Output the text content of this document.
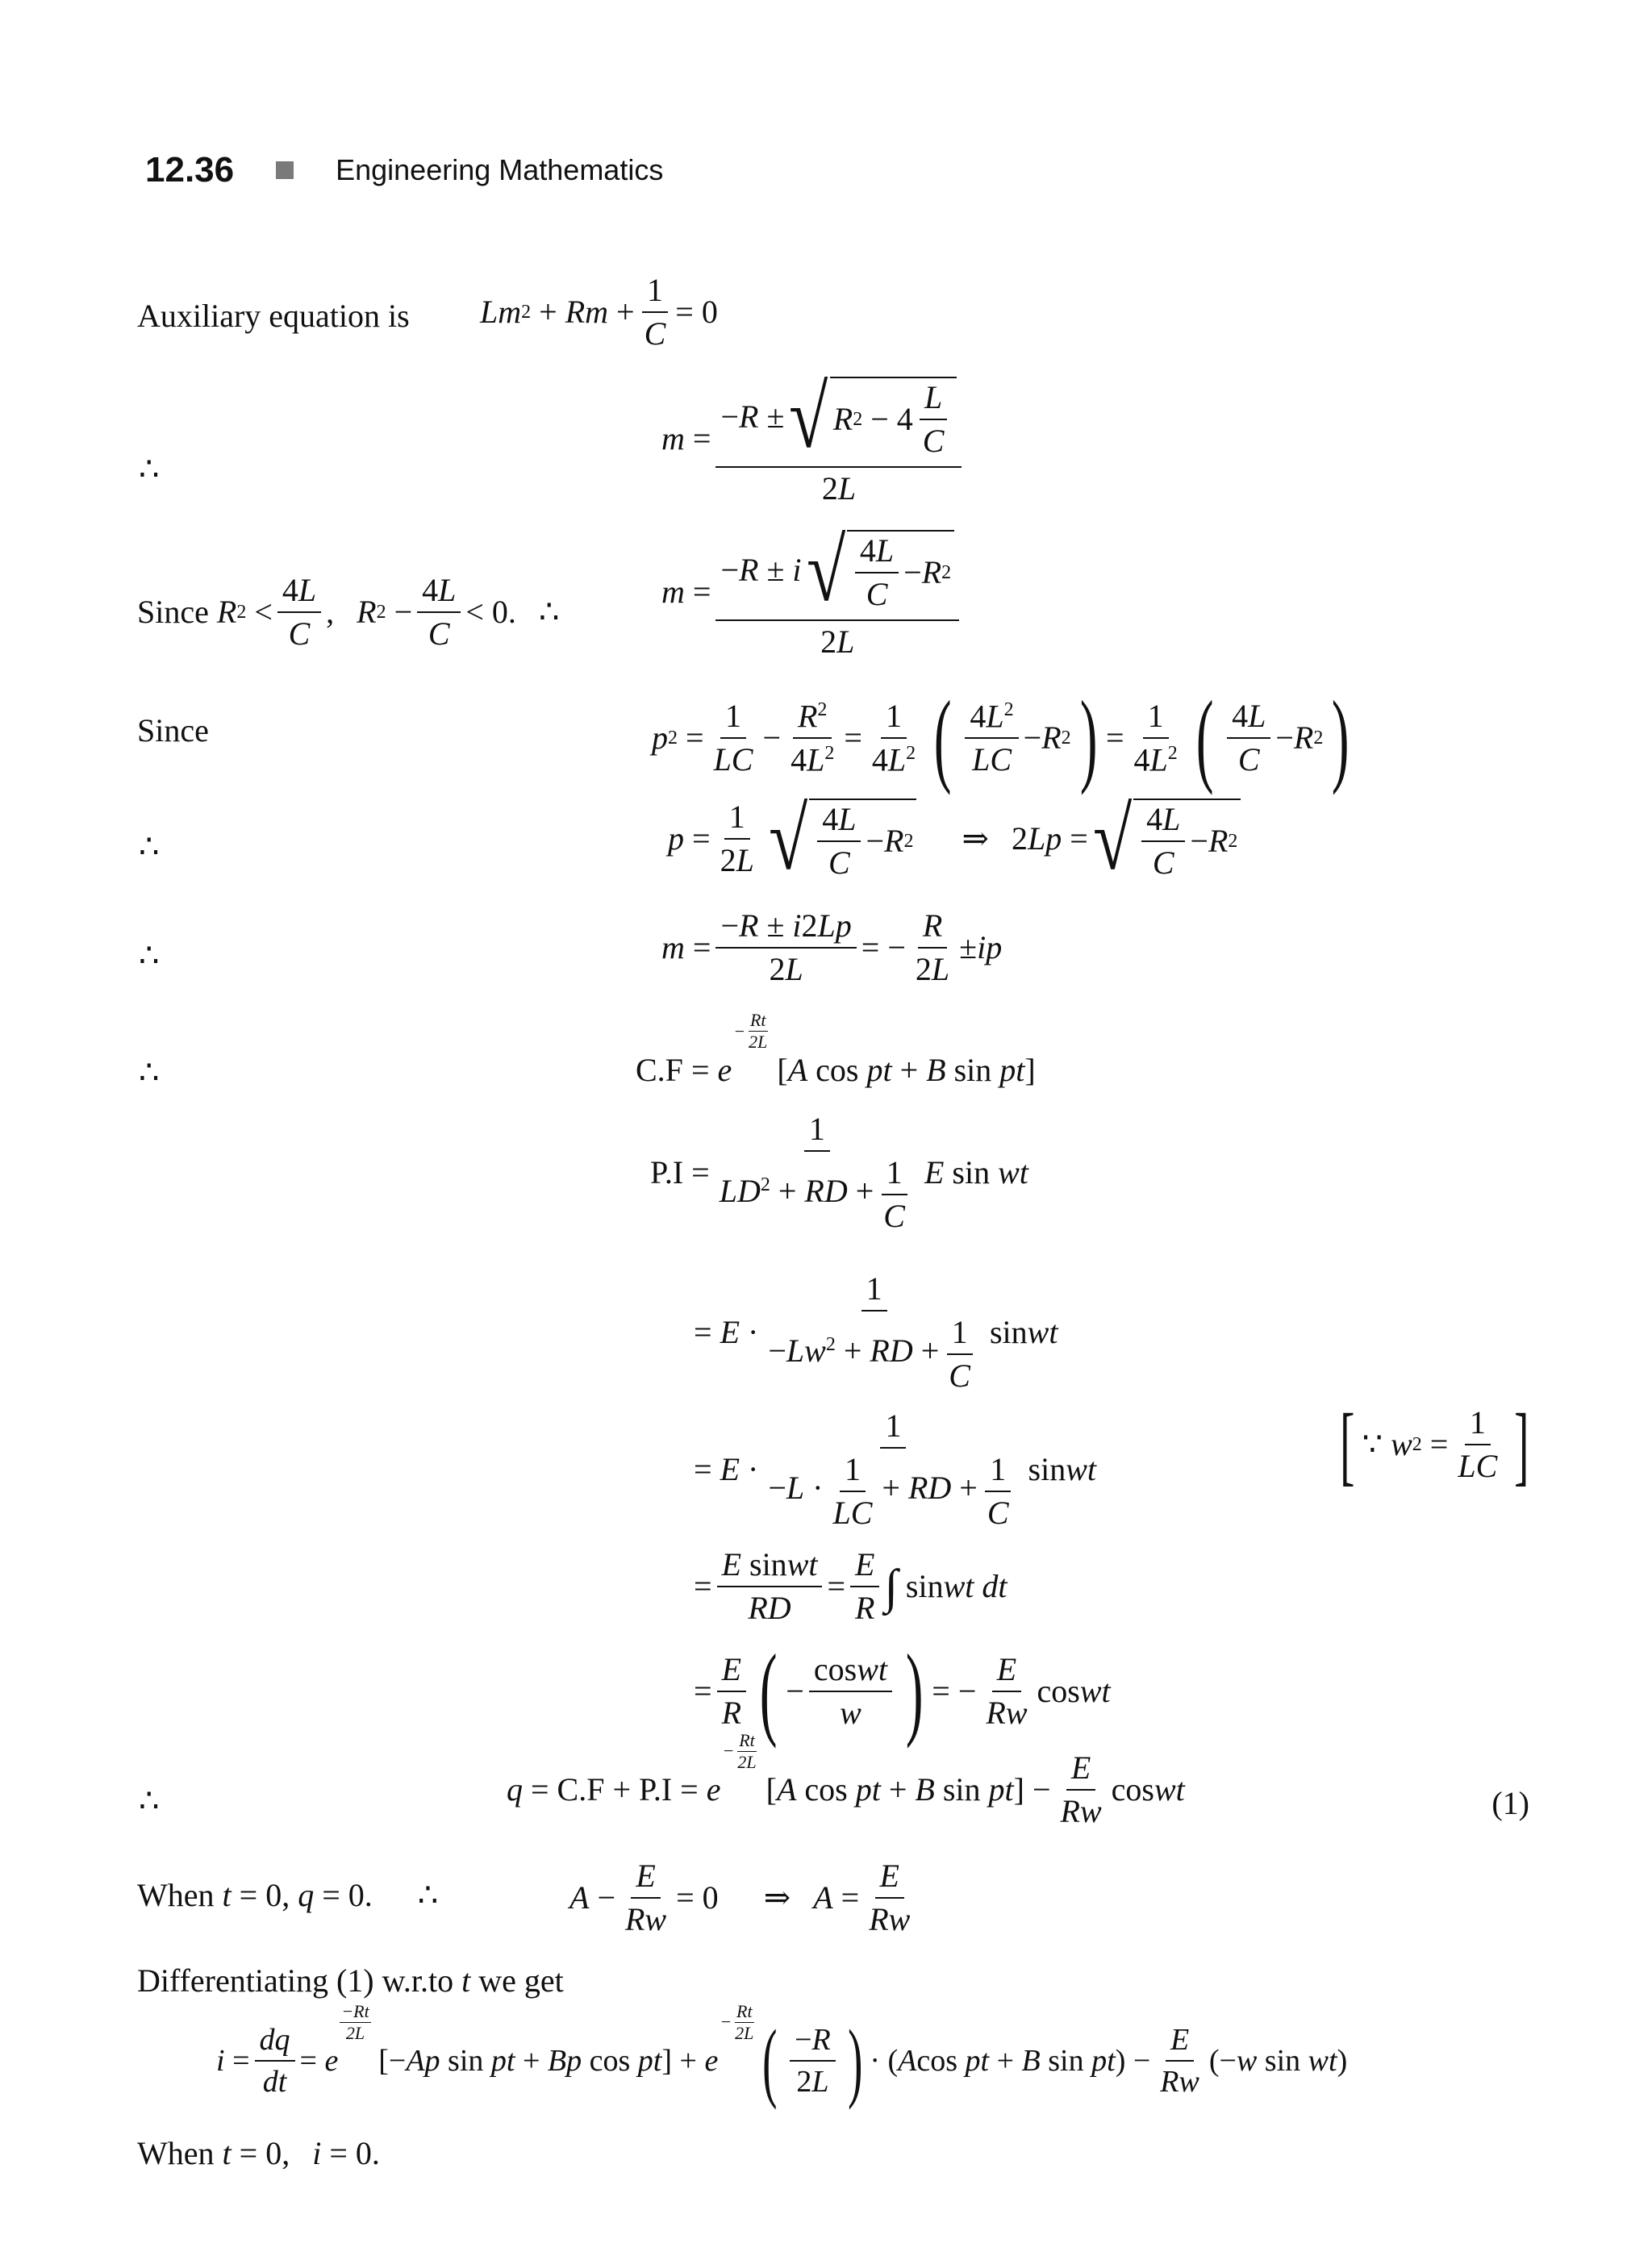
12.36	Engineering Mathematics
Auxiliary equation is Lm $2 + Rm + \frac{1}{C} = 0$
∴
$m = \frac{- R \pm √ R 2 - 4 \frac{L}{C}}{2L}$
Since
R $2 < \frac{4L}{C}$ , R $2 - \frac{4L}{C} < 0$. ∴
$m = \frac{- R \pm i √ \frac{4L}{C} - R 2}{2L}$
Since	p $2 = \frac{1}{LC} - \frac{R^2}{4L^2} = \frac{1}{4L^2}$ ( $\frac{4L^2}{LC} - R$ 2 ) = $\frac{1}{4L^2}$ ( $\frac{4L}{C} - R$ 2 )
∴	$p = \frac{1}{2L}$ √ $\frac{4L}{C} - R$ 2 ⇒ 2 Lp = √ $\frac{4L}{C} - R$ 2
∴	$m = \frac{-R \pm i2Lp}{2L}$ = − $\frac{R}{2L}$ ± ip
∴	C.F = e
− $\frac{Rt}{2L}$
[ A cos pt + B sin pt ]
$P.I = \frac{1}{LD^2 + RD + \frac{1}{C}}$ E sin wt
= $E \cdot \frac{1}{-Lw^2 + RD + \frac{1}{C}}$ sin wt
= $E \cdot \frac{1}{-L \cdot \frac{1}{LC} + RD + \frac{1}{C}}$ sin wt	[ ∵ w $2 = \frac{1}{LC}$ ]
= $\frac{\text{E sinwt}}{RD} = \frac{E}{R}$ ∫ sin wt
dt
= $\frac{E}{R}$ ( − $\frac{\text{coswt}}{w}$ ) = − $\frac{E}{Rw}$ cos wt
∴	q = C.F + P.I = e
− $\frac{Rt}{2L}$
[ A cos pt + B sin pt ] − $\frac{E}{Rw}$ cos wt	(1)
When
t = 0, q = 0. ∴	$A - \frac{E}{Rw} = 0$ ⇒ $A = \frac{E}{Rw}$
Differentiating (1) w.r.to t we get
$i = \frac{dq}{dt} = e$
$\frac{-Rt}{2L}$
[− Ap sin pt + Bp cos pt ] + e
− $\frac{Rt}{2L}$ ( $\frac{-R}{2L}$ ) · ( A cos pt + B sin pt ) − $\frac{E}{Rw}$ (− w sin wt )
When
t = 0, i = 0.
